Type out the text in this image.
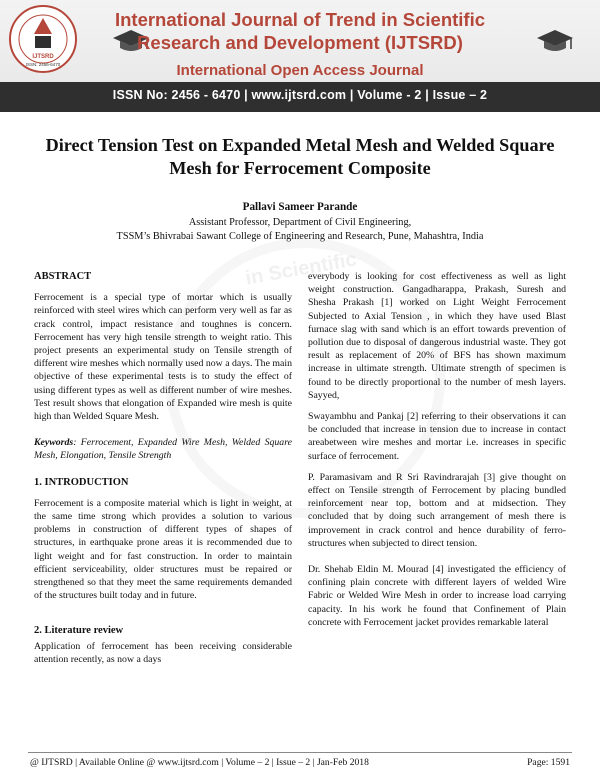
IJTSRD
ISSN: 2456-6470
International Journal of Trend in Scientific
Research and Development (IJTSRD)
International Open Access Journal
ISSN No: 2456 - 6470 | www.ijtsrd.com | Volume - 2 | Issue – 2
in Scientific
Direct Tension Test on Expanded Metal Mesh and Welded Square
Mesh for Ferrocement Composite
Pallavi Sameer Parande
Assistant Professor, Department of Civil Engineering,
TSSM’s Bhivrabai Sawant College of Engineering and Research, Pune, Mahashtra, India
ABSTRACT

Ferrocement is a special type of mortar which is usually reinforced with steel wires which can perform very well as far as crack control, impact resistance and toughnes is concern. Ferrocement has very high tensile strength to weight ratio. This project presents an experimental study on Tensile strength of different wire meshes which normally used now a days. The main objective of these experimental tests is to study the effect of using different types as well as different number of wire meshes. Test result shows that elongation of Expanded wire mesh is quite high than Welded Square Mesh.

Keywords: Ferrocement, Expanded Wire Mesh, Welded Square Mesh, Elongation, Tensile Strength

1. INTRODUCTION

Ferrocement is a composite material which is light in weight, at the same time strong which provides a solution to various problems in construction of different types of shapes of structures, in earthquake prone areas it is recommended due to light weight and for fast construction. In order to maintain efficient serviceability, older structures must be repaired or strengthened so that they meet the same requirements demanded of the structures built today and in future.

2. Literature review

Application of ferrocement has been receiving considerable attention recently, as now a days

everybody is looking for cost effectiveness as well as light weight construction. Gangadharappa, Prakash, Suresh and Shesha Prakash [1] worked on Light Weight Ferrocement Subjected to Axial Tension , in which they have used Blast furnace slag with sand which is an effort towards prevention of pollution due to disposal of dangerous industrial waste. They got result as replacement of 20% of BFS has shown maximum increase in ultimate strength. Ultimate strength of specimen is found to be directly proportional to the number of mesh layers. Sayyed,

Swayambhu and Pankaj [2] referring to their observations it can be concluded that increase in tension due to increase in contact areabetween wire meshes and mortar i.e. increases in specific surface of ferrocement.

P. Paramasivam and R Sri Ravindrarajah [3] give thought on effect on Tensile strength of Ferrocement by placing bundled reinforcement near top, bottom and at midsection. They concluded that by doing such arrangement of mesh there is improvement in crack control and hence durability of ferro-structures when subjected to direct tension.

Dr. Shehab Eldin M. Mourad [4] investigated the efficiency of confining plain concrete with different layers of welded Wire Fabric or Welded Wire Mesh in order to increase load carrying capacity. In his work he found that Confinement of Plain concrete with Ferrocement jacket provides remarkable lateral

@ IJTSRD | Available Online @ www.ijtsrd.com | Volume – 2 | Issue – 2 | Jan-Feb 2018	Page: 1591
